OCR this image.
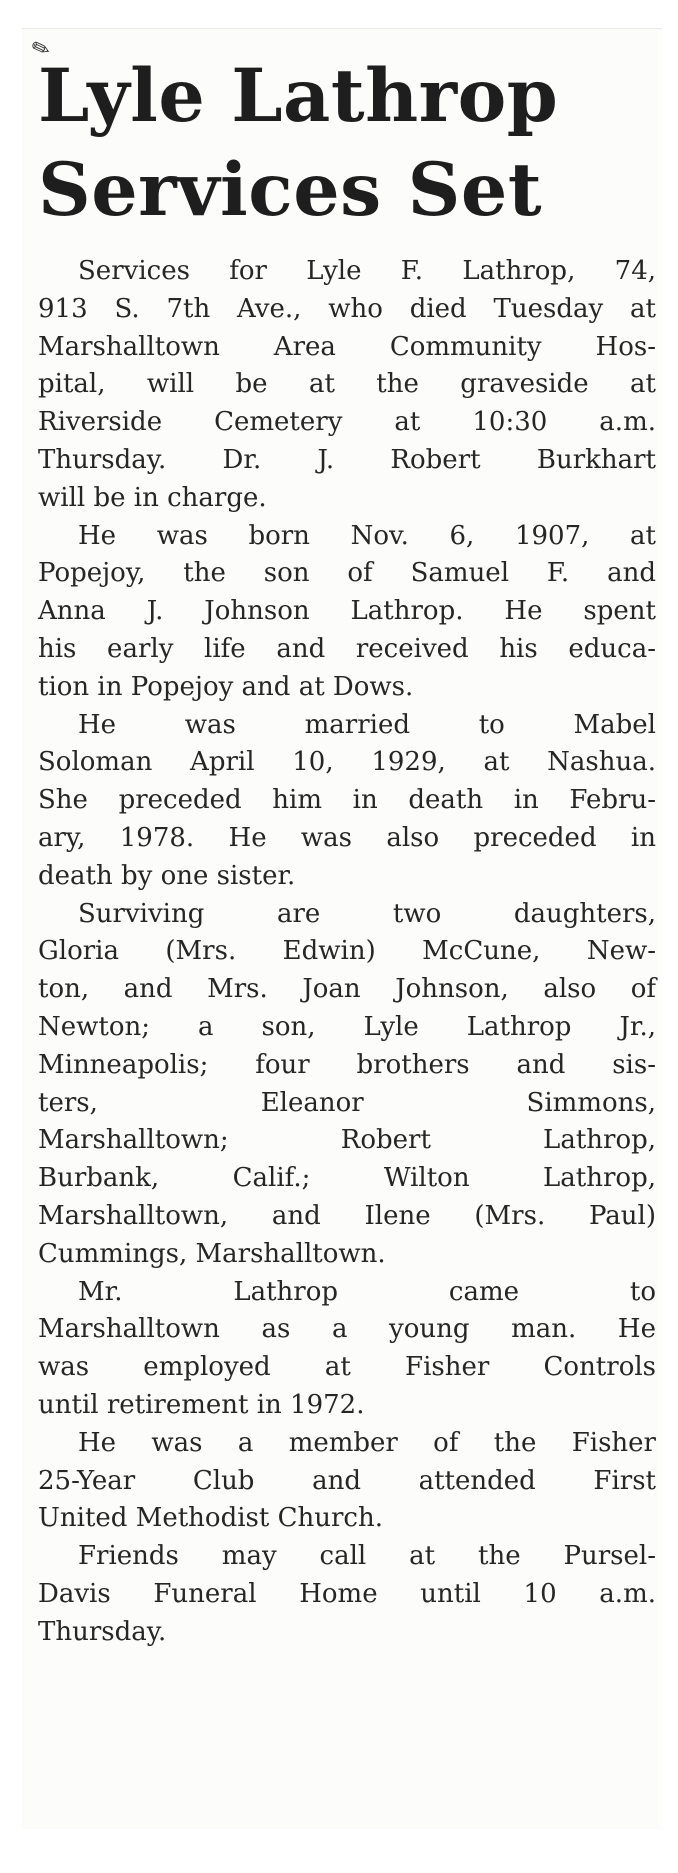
✎
Lyle Lathrop
Services Set
Services for Lyle F. Lathrop, 74,
913 S. 7th Ave., who died Tuesday at
Marshalltown Area Community Hos-
pital, will be at the graveside at
Riverside Cemetery at 10:30 a.m.
Thursday. Dr. J. Robert Burkhart
will be in charge.
He was born Nov. 6, 1907, at
Popejoy, the son of Samuel F. and
Anna J. Johnson Lathrop. He spent
his early life and received his educa-
tion in Popejoy and at Dows.
He was married to Mabel
Soloman April 10, 1929, at Nashua.
She preceded him in death in Febru-
ary, 1978. He was also preceded in
death by one sister.
Surviving are two daughters,
Gloria (Mrs. Edwin) McCune, New-
ton, and Mrs. Joan Johnson, also of
Newton; a son, Lyle Lathrop Jr.,
Minneapolis; four brothers and sis-
ters, Eleanor Simmons,
Marshalltown; Robert Lathrop,
Burbank, Calif.; Wilton Lathrop,
Marshalltown, and Ilene (Mrs. Paul)
Cummings, Marshalltown.
Mr. Lathrop came to
Marshalltown as a young man. He
was employed at Fisher Controls
until retirement in 1972.
He was a member of the Fisher
25-Year Club and attended First
United Methodist Church.
Friends may call at the Pursel-
Davis Funeral Home until 10 a.m.
Thursday.
